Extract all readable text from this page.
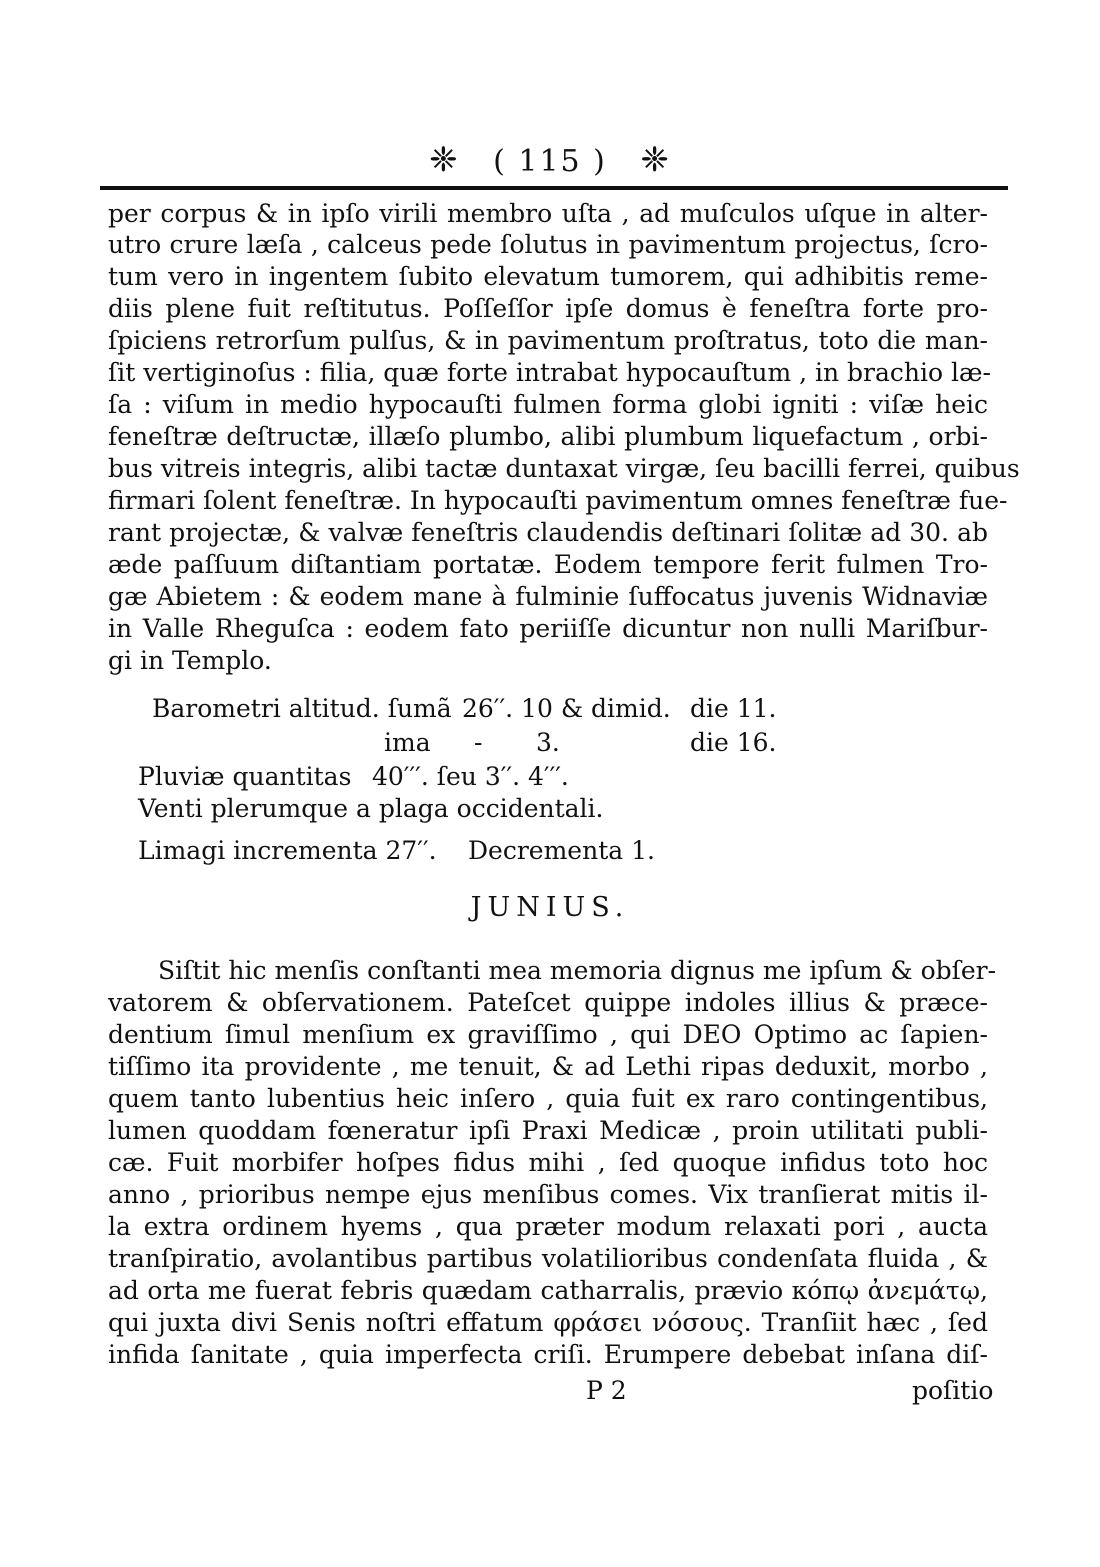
❈ ( 115 ) ❈
per corpus & in ipſo virili membro uſta , ad muſculos uſque in alter-
utro crure læſa , calceus pede ſolutus in pavimentum projectus, ſcro-
tum vero in ingentem ſubito elevatum tumorem, qui adhibitis reme-
diis plene fuit reſtitutus. Poſſeſſor ipſe domus è feneſtra forte pro-
ſpiciens retrorſum pulſus, & in pavimentum proſtratus, toto die man-
ſit vertiginoſus : filia, quæ forte intrabat hypocauſtum , in brachio læ-
ſa : viſum in medio hypocauſti fulmen forma globi igniti : viſæ heic
feneſtræ deſtructæ, illæſo plumbo, alibi plumbum liquefactum , orbi-
bus vitreis integris, alibi tactæ duntaxat virgæ, ſeu bacilli ferrei, quibus
firmari ſolent feneſtræ. In hypocauſti pavimentum omnes feneſtræ fue-
rant projectæ, & valvæ feneſtris claudendis deſtinari ſolitæ ad 30. ab
æde paſſuum diſtantiam portatæ. Eodem tempore ferit fulmen Tro-
gæ Abietem : & eodem mane à fulminie ſuffocatus juvenis Widnaviæ
in Valle Rheguſca : eodem fato periiſſe dicuntur non nulli Mariſbur-
gi in Templo.
Barometri altitud. ſumã 26′′. 10 & dimid. die 11.
ima - 3.	die 16.
Pluviæ quantitas 40′′′. ſeu 3′′. 4′′′.
Venti plerumque a plaga occidentali.
Limagi incrementa 27′′. Decrementa 1.
JUNIUS.
Siſtit hic menſis conſtanti mea memoria dignus me ipſum & obſer-
vatorem & obſervationem. Pateſcet quippe indoles illius & præce-
dentium ſimul menſium ex graviſſimo , qui DEO Optimo ac ſapien-
tiſſimo ita providente , me tenuit, & ad Lethi ripas deduxit, morbo ,
quem tanto lubentius heic inſero , quia fuit ex raro contingentibus,
lumen quoddam fœneratur ipſi Praxi Medicæ , proin utilitati publi-
cæ. Fuit morbifer hoſpes fidus mihi , ſed quoque infidus toto hoc
anno , prioribus nempe ejus menſibus comes. Vix tranſierat mitis il-
la extra ordinem hyems , qua præter modum relaxati pori , aucta
tranſpiratio, avolantibus partibus volatilioribus condenſata fluida , &
ad orta me fuerat febris quædam catharralis, prævio κόπῳ ἀνεμάτῳ,
qui juxta divi Senis noſtri effatum φράσει νόσους. Tranſiit hæc , ſed
infida ſanitate , quia imperfecta criſi. Erumpere debebat inſana diſ-
P 2	poſitio
